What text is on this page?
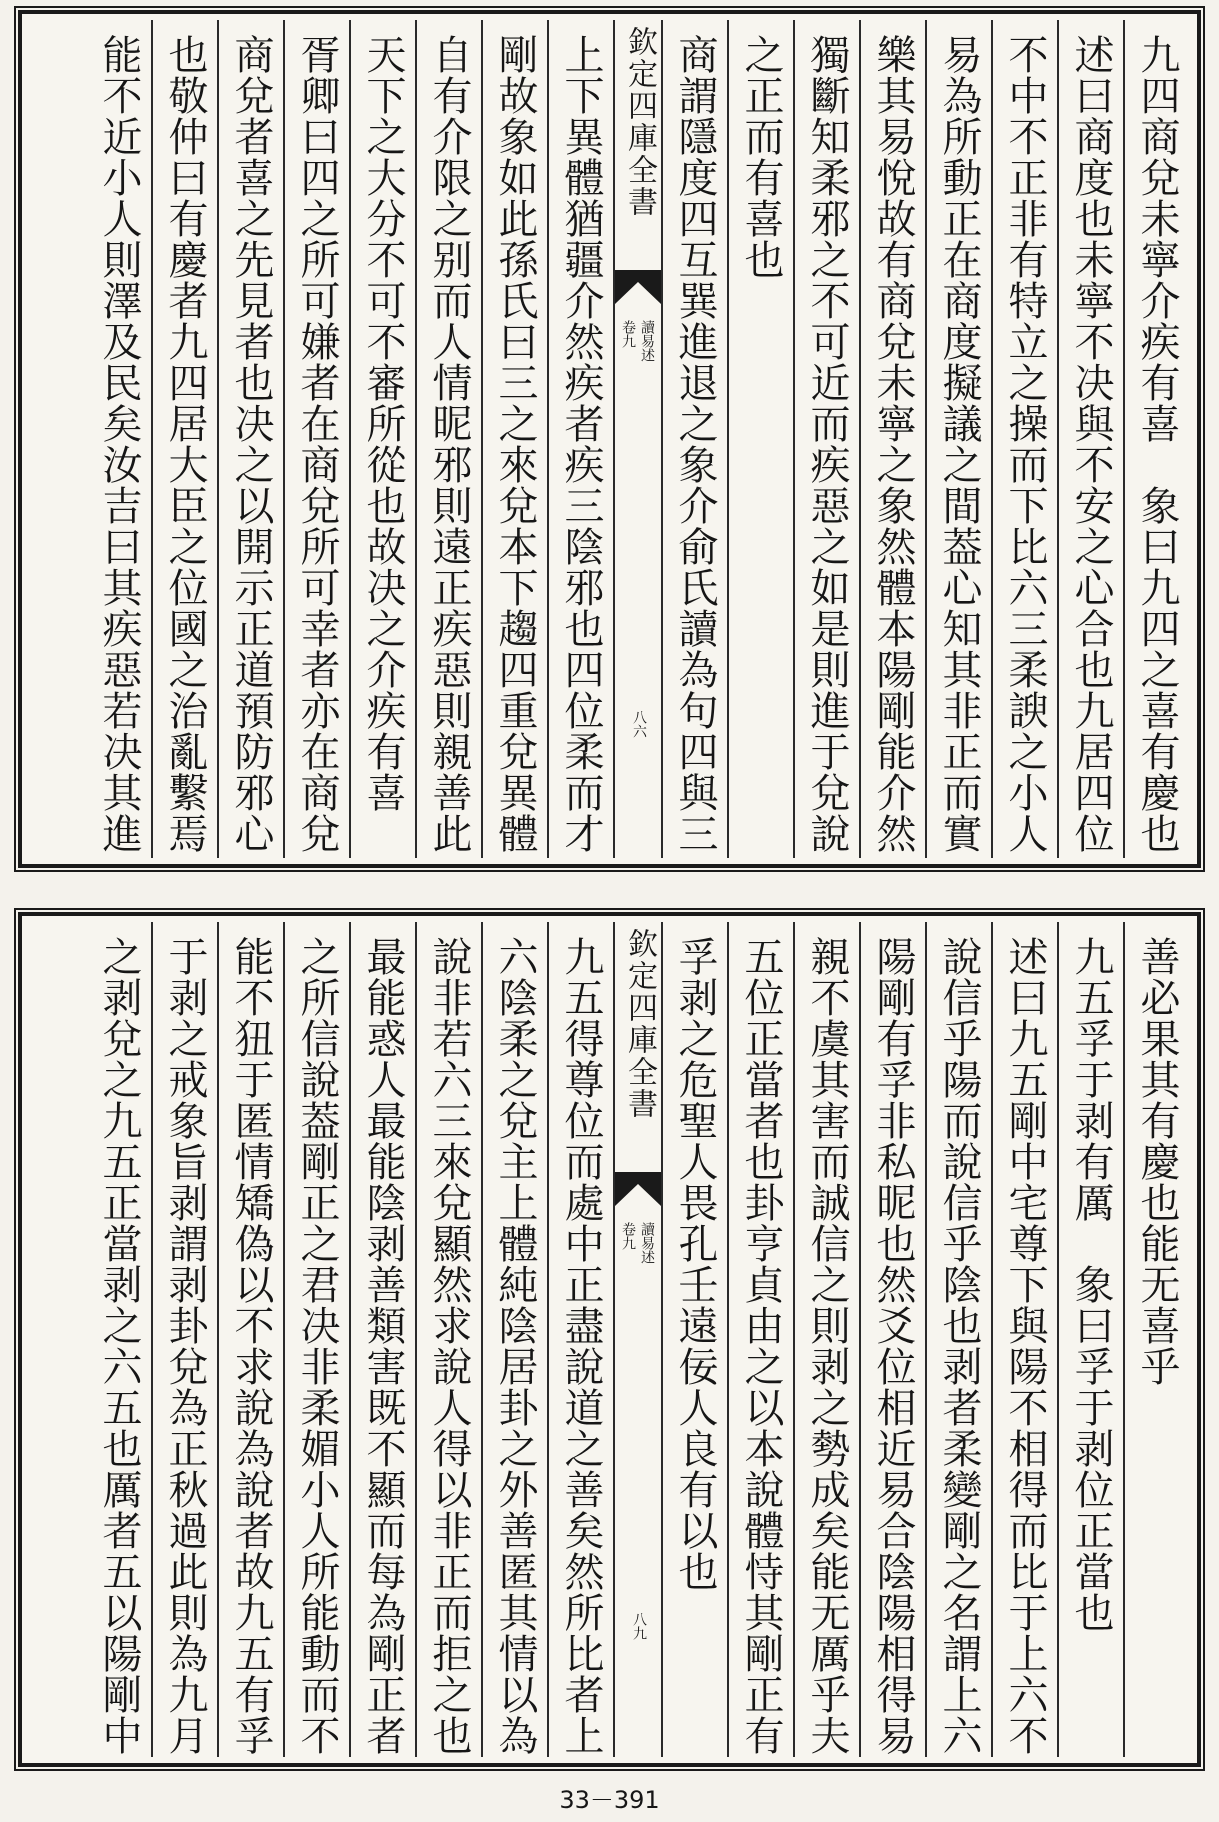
九四商兌未寧介疾有喜　象曰九四之喜有慶也
述曰商度也未寧不决與不安之心合也九居四位
不中不正非有特立之操而下比六三柔諛之小人
易為所動正在商度擬議之間葢心知其非正而實
樂其易悅故有商兌未寧之象然體本陽剛能介然
獨斷知柔邪之不可近而疾惡之如是則進于兌說
之正而有喜也
商謂隱度四互巽進退之象介俞氏讀為句四與三
欽定四庫全書
讀易述
卷九
八六
上下異體猶疆介然疾者疾三陰邪也四位柔而才
剛故象如此孫氏曰三之來兌本下趨四重兌異體
自有介限之别而人情昵邪則遠正疾惡則親善此
天下之大分不可不審所從也故决之介疾有喜
胥卿曰四之所可嫌者在商兌所可幸者亦在商兌
商兌者喜之先見者也决之以開示正道預防邪心
也敬仲曰有慶者九四居大臣之位國之治亂繫焉
能不近小人則澤及民矣汝吉曰其疾惡若决其進
善必果其有慶也能无喜乎
九五孚于剥有厲　象曰孚于剥位正當也
述曰九五剛中宅尊下與陽不相得而比于上六不
說信乎陽而說信乎陰也剥者柔變剛之名謂上六
陽剛有孚非私昵也然爻位相近易合陰陽相得易
親不虞其害而誠信之則剥之勢成矣能无厲乎夫
五位正當者也卦亨貞由之以本說體恃其剛正有
孚剥之危聖人畏孔壬遠佞人良有以也
欽定四庫全書
讀易述
卷九
八九
九五得尊位而處中正盡說道之善矣然所比者上
六陰柔之兌主上體純陰居卦之外善匿其情以為
說非若六三來兌顯然求說人得以非正而拒之也
最能惑人最能陰剥善類害既不顯而每為剛正者
之所信說葢剛正之君决非柔媚小人所能動而不
能不狃于匿情矯偽以不求說為說者故九五有孚
于剥之戒象旨剥謂剥卦兌為正秋過此則為九月
之剥兌之九五正當剥之六五也厲者五以陽剛中
33－391
